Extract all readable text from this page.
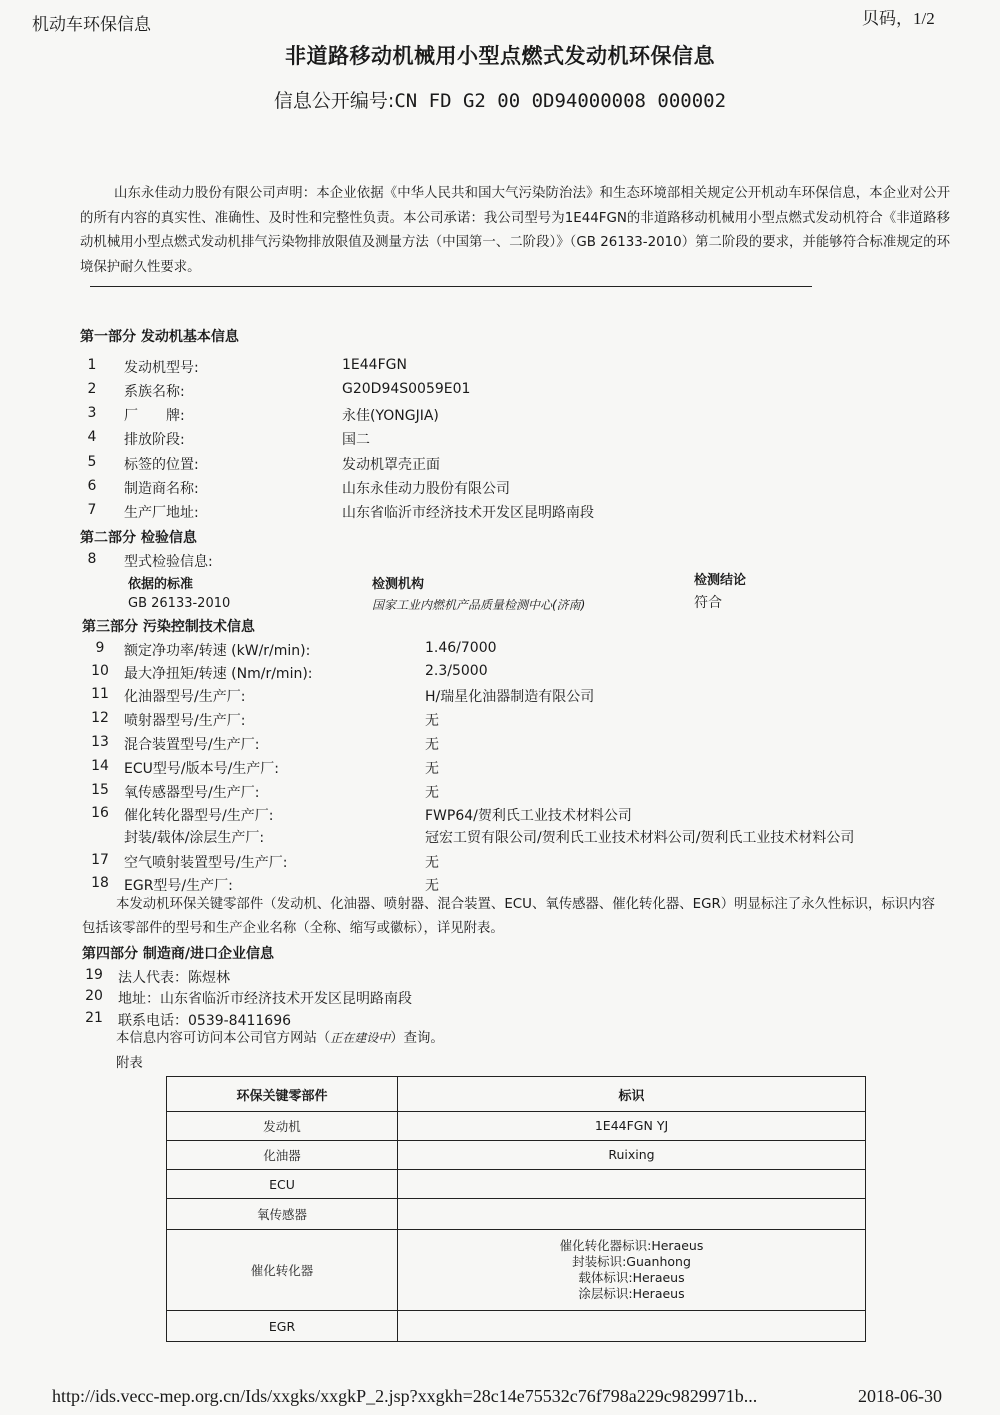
机动车环保信息	贝码，1/2
非道路移动机械用小型点燃式发动机环保信息
信息公开编号:CN FD G2 00 0D94000008 000002
山东永佳动力股份有限公司声明：本企业依据《中华人民共和国大气污染防治法》和生态环境部相关规定公开机动车环保信息，本企业对公开的所有内容的真实性、准确性、及时性和完整性负责。本公司承诺：我公司型号为1E44FGN的非道路移动机械用小型点燃式发动机符合《非道路移动机械用小型点燃式发动机排气污染物排放限值及测量方法（中国第一、二阶段）》（GB 26133-2010）第二阶段的要求，并能够符合标准规定的环境保护耐久性要求。
第一部分 发动机基本信息
1	发动机型号:	1E44FGN
2	系族名称:	G20D94S0059E01
3	厂　　牌:	永佳(YONGJIA)
4	排放阶段:	国二
5	标签的位置:	发动机罩壳正面
6	制造商名称:	山东永佳动力股份有限公司
7	生产厂地址:	山东省临沂市经济技术开发区昆明路南段
第二部分 检验信息
8	型式检验信息:
依据的标准	检测机构	检测结论
GB 26133-2010	国家工业内燃机产品质量检测中心(济南)	符合
第三部分 污染控制技术信息
9	额定净功率/转速 (kW/r/min):	1.46/7000
10 最大净扭矩/转速 (Nm/r/min):	2.3/5000
11 化油器型号/生产厂:	H/瑞星化油器制造有限公司
12 喷射器型号/生产厂:	无
13 混合装置型号/生产厂:	无
14 ECU型号/版本号/生产厂:	无
15 氧传感器型号/生产厂:	无
16 催化转化器型号/生产厂:	FWP64/贺利氏工业技术材料公司
封装/载体/涂层生产厂:	冠宏工贸有限公司/贺利氏工业技术材料公司/贺利氏工业技术材料公司
17 空气喷射装置型号/生产厂:	无
18 EGR型号/生产厂:	无
本发动机环保关键零部件（发动机、化油器、喷射器、混合装置、ECU、氧传感器、催化转化器、EGR）明显标注了永久性标识，标识内容包括该零部件的型号和生产企业名称（全称、缩写或徽标），详见附表。
第四部分 制造商/进口企业信息
19 法人代表：陈煜林
20 地址：山东省临沂市经济技术开发区昆明路南段
21 联系电话：0539-8411696
本信息内容可访问本公司官方网站（正在建设中）查询。
附表
环保关键零部件	标识
发动机	1E44FGN YJ

化油器	Ruixing

ECU	

氧传感器	

催化转化器	催化转化器标识:Heraeus
封装标识:Guanhong
载体标识:Heraeus
涂层标识:Heraeus

EGR	
http://ids.vecc-mep.org.cn/Ids/xxgks/xxgkP_2.jsp?xxgkh=28c14e75532c76f798a229c9829971b...	2018-06-30
